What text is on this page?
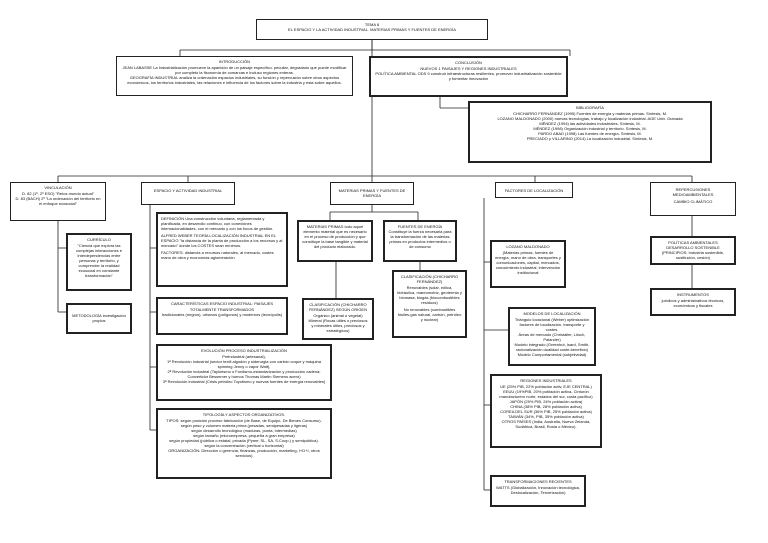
TEMA 8
EL ESPACIO Y LA ACTIVIDAD INDUSTRIAL. MATERIAS PRIMAS Y FUENTES DE ENERGÍA
INTRODUCCIÓN
JEAN LABASSE La industrialización promueve la aparición de un paisaje específico. peculiar, degradado que puede modificar por completo la fisonomía de comarcas e incluso regiones enteras.
GEOGRAFÍA INDUSTRIAL analiza la ordenación espacios industriales, su función y repercusión sobre otros aspectos económicos, los territorios industriales, las relaciones e influencia de los factores sobre la industria y esta sobre aquellos.
CONCLUSIÓN
NUEVOS 1 PAISAJES Y REGIONES INDUSTRIALES
POLÍTICA AMBIENTAL ODS 9 construir infraestructuras resilientes, promover industrialización sostenible y fomentar innovación
BIBLIOGRAFÍA
CHICHARRO FERNÁNDEZ (1995) Fuentes de energía y materias primas. Síntesis, M.
LOZANO MALDONADO (2000) nuevas tecnologías, trabajo y localización industrial. AGE Univ. Granada
MÉNDEZ (1994) las actividades industriales. Síntesis, M.
MÉNDEZ (1998) Organización industrial y territorio. Síntesis, M.
PARDO ABAD (1998) Las fuentes de energía. Síntesis, M.
PRECIADO y VILLARINO (2014) La localización industrial. Síntesis, M.
VINCULACIÓN
D. 82 (1º, 2º ESO) "Retos mundo actual"
D. 83 (BACH) 2º "La ordenación del territorio en el enfoque ecosocial"
CURRÍCULO
"Ciencia que explora las complejas interacciones e interdependencias entre personas y territorio, y comprender la realidad ecosocial en constante transformación"
METODOLOGÍA investigación propios
ESPACIO Y ACTIVIDAD INDUSTRIAL
DEFINICIÓN Una construcción voluntaria, reglamentada y planificada, en desarrollo continuo, con conexiones internacionalidades, con el mercado y con los focos de gestión.
ALFRED WEBER TEORÍA LOCALIZACIÓN INDUSTRIAL EN EL ESPACIO "la distancia de la planta de producción a los recursos y al mercado" donde los COSTES sean mínimos.
FACTORES: distancia a recursos naturales, al mercado, costes mano de obra y economías aglomeración
CARACTERÍSTICAS ESPACIO INDUSTRIAL: PAISAJES
TOTALMENTE TRANSFORMADOS
tradicionales (negros), urbanos (polígonos) y modernos (tecnópolis)
EVOLUCIÓN PROCESO INDUSTRIALIZACIÓN
Preindustrial (artesanal),
1ª Revolución industrial (sector textil algodón y siderurgia con carbón coque y máquina spinning Jenny o vapor Watt),
2ª Revolución industrial (Taylorismo o Fordismo-estandarización y producción cadena; Convertidor Bessemer y hornos Thomas Martin Siemens acero)
3ª Revolución industrial (Crisis petróleo Toyotismo y nuevas fuentes de energía renovables)
TIPOLOGÍA Y ASPECTOS ORGANIZATIVOS.
TIPOS: según posición proceso fabricación (de Base, de Equipo, De Bienes Consumo).
según peso y volumen materia prima (pesadas, semipesadas y ligeras)
según desarrollo tecnológico (maduras, punta, intermedias)
según tamaño (microempresa, pequeña a gran empresa)
según propiedad (pública o estatal, privada (Pyme; SL, SA, S.Coop.) y semipública).
según la concentración (vertical u horizontal)
ORGANIZACIÓN: Dirección o gerencia, finanzas, producción, marketing, I+D+I, otros servicios)
MATERIAS PRIMAS Y FUENTES DE ENERGÍA
MATERIAS PRIMAS todo aquel elemento material que es necesario en el proceso de producción y que constituye la base tangible y material del producto elaborado.
FUENTES DE ENERGÍA Constituye la fuerza necesaria para la transformación de las materias primas en productos intermedios o de consumo
CLASIFICACIÓN (CHICHARRO FERNÁNDEZ) SEGÚN ORIGEN
Orgánico (animal o vegetal)
Mineral (Rocas útiles o preciosos y minerales útiles, preciosos y estratégicos)
CLASIFICACIÓN (CHICHARRO FERNÁNDEZ)
Renovables (solar, eólica, hidráulica, mareomotriz, geotermia y biomasa; biogás (biocombustibles residuos)
No renovables (combustibles fósiles-gas natural, carbón, petróleo y nuclear)
FACTORES DE LOCALIZACIÓN
LOZANO MALDONADO
(Materias primas, fuentes de energía, mano de obra, transportes y comunicaciones, capital, mercados, conocimiento industrial, intervención institucional
MODELOS DE LOCALIZACIÓN
Triángulo locacional (Weber) optimización factores de localización, transporte y costes.
Áreas de mercado (Christaller, Lösch, Palander)
Modelo integrado (Greenhut, Isard, Smith-racionalización dualidad coste-beneficio)
Modelo Comportamental (subjetividad)
REGIONES INDUSTRIALES
UE (25% PIB, 22% población activ, EJE CENTRAL)
EEUU (19%PIB, 20% población activa- Cinturón manufacturero norte, estados del sur, costa pacífico)
JAPÓN (29% PIB, 24% población activa)
CHINA (38% PIB, 28% población activa)
COREA DEL SUR (36% PIB, 25% población activa)
TAIWÁN (34%, PIB, 35% población activa)
OTROS PAÍSES (India, Australia, Nueva Zelanda, Sudáfrica, Brasil, Rusia o México).
TRANSFORMACIONES RECIENTES
WATTS (Globalización, Innovación tecnológica, Deslocalización, Tercerización)
REPERCUSIONES
MEDIOAMBIENTALES
CAMBIO CLIMÁTICO
POLÍTICAS AMBIENTALES
DESARROLLO SOSTENIBLE
(PRINCIPIOS: Industria sostenible, sustitución, cesión)
INSTRUMENTOS
jurídicos y administrativos técnicos, económicos y fiscales
